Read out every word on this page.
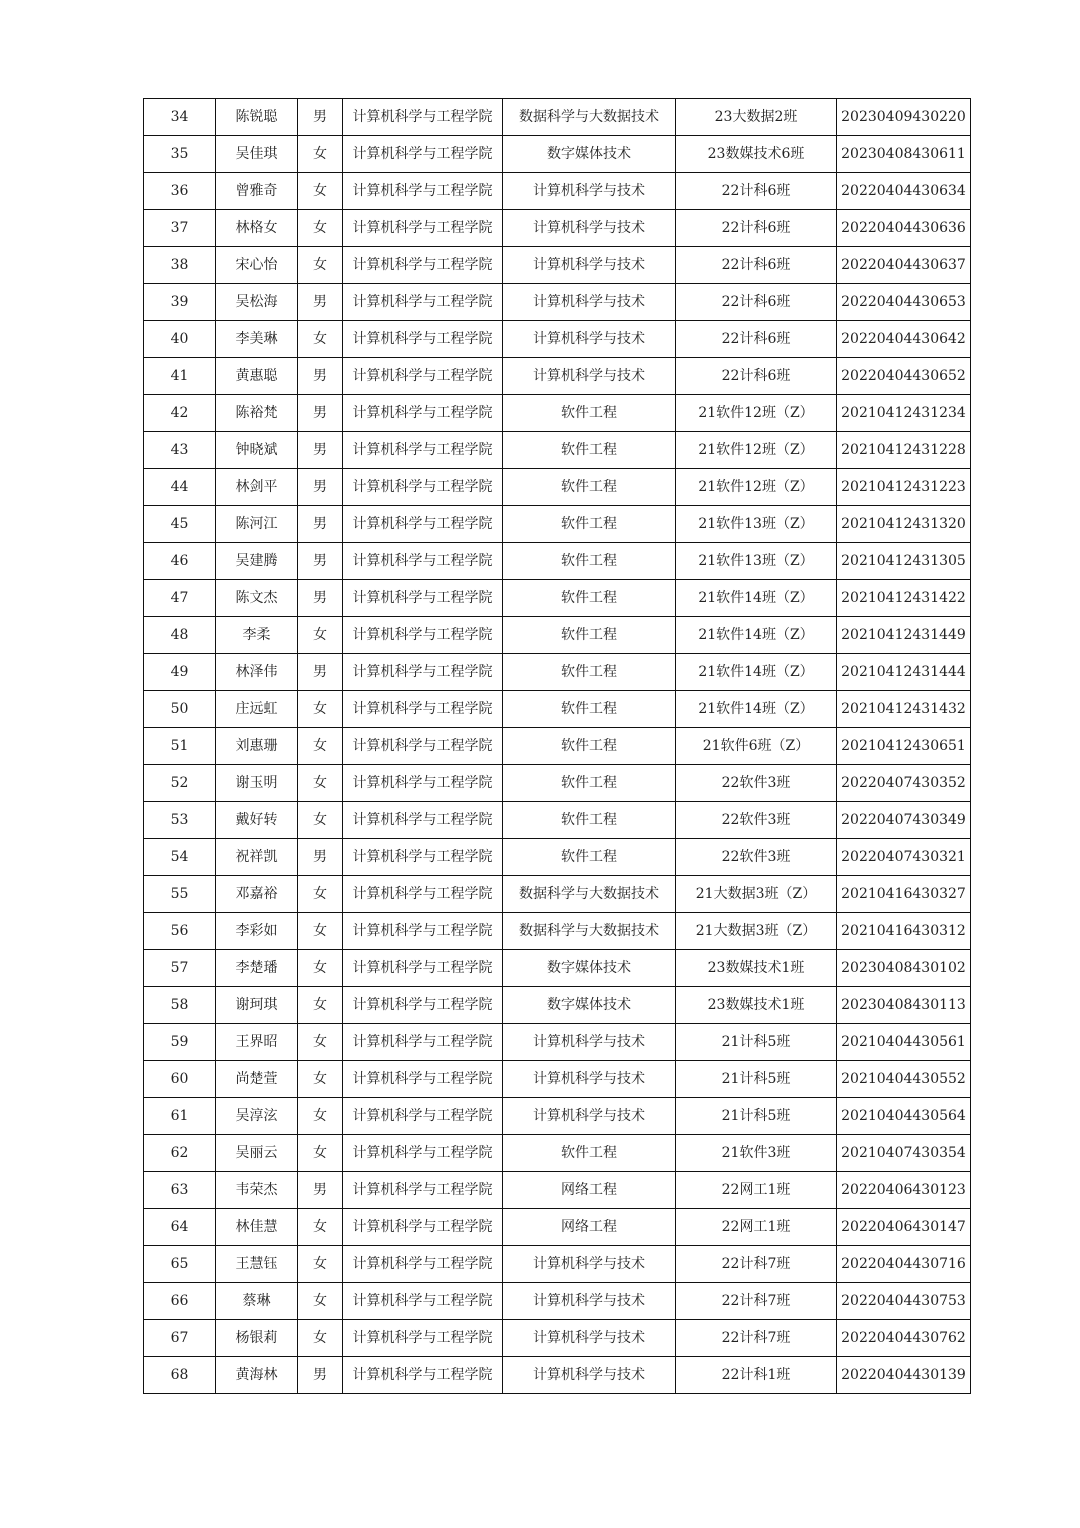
34	陈锐聪	男	计算机科学与工程学院	数据科学与大数据技术	23大数据2班	20230409430220
35	吴佳琪	女	计算机科学与工程学院	数字媒体技术	23数媒技术6班	20230408430611
36	曾雅奇	女	计算机科学与工程学院	计算机科学与技术	22计科6班	20220404430634
37	林格女	女	计算机科学与工程学院	计算机科学与技术	22计科6班	20220404430636
38	宋心怡	女	计算机科学与工程学院	计算机科学与技术	22计科6班	20220404430637
39	吴松海	男	计算机科学与工程学院	计算机科学与技术	22计科6班	20220404430653
40	李美琳	女	计算机科学与工程学院	计算机科学与技术	22计科6班	20220404430642
41	黄惠聪	男	计算机科学与工程学院	计算机科学与技术	22计科6班	20220404430652
42	陈裕梵	男	计算机科学与工程学院	软件工程	21软件12班（Z）	20210412431234
43	钟晓斌	男	计算机科学与工程学院	软件工程	21软件12班（Z）	20210412431228
44	林剑平	男	计算机科学与工程学院	软件工程	21软件12班（Z）	20210412431223
45	陈河江	男	计算机科学与工程学院	软件工程	21软件13班（Z）	20210412431320
46	吴建腾	男	计算机科学与工程学院	软件工程	21软件13班（Z）	20210412431305
47	陈文杰	男	计算机科学与工程学院	软件工程	21软件14班（Z）	20210412431422
48	李柔	女	计算机科学与工程学院	软件工程	21软件14班（Z）	20210412431449
49	林泽伟	男	计算机科学与工程学院	软件工程	21软件14班（Z）	20210412431444
50	庄远虹	女	计算机科学与工程学院	软件工程	21软件14班（Z）	20210412431432
51	刘惠珊	女	计算机科学与工程学院	软件工程	21软件6班（Z）	20210412430651
52	谢玉明	女	计算机科学与工程学院	软件工程	22软件3班	20220407430352
53	戴好转	女	计算机科学与工程学院	软件工程	22软件3班	20220407430349
54	祝祥凯	男	计算机科学与工程学院	软件工程	22软件3班	20220407430321
55	邓嘉裕	女	计算机科学与工程学院	数据科学与大数据技术	21大数据3班（Z）	20210416430327
56	李彩如	女	计算机科学与工程学院	数据科学与大数据技术	21大数据3班（Z）	20210416430312
57	李楚璠	女	计算机科学与工程学院	数字媒体技术	23数媒技术1班	20230408430102
58	谢珂琪	女	计算机科学与工程学院	数字媒体技术	23数媒技术1班	20230408430113
59	王界昭	女	计算机科学与工程学院	计算机科学与技术	21计科5班	20210404430561
60	尚楚萱	女	计算机科学与工程学院	计算机科学与技术	21计科5班	20210404430552
61	吴淳泫	女	计算机科学与工程学院	计算机科学与技术	21计科5班	20210404430564
62	吴丽云	女	计算机科学与工程学院	软件工程	21软件3班	20210407430354
63	韦荣杰	男	计算机科学与工程学院	网络工程	22网工1班	20220406430123
64	林佳慧	女	计算机科学与工程学院	网络工程	22网工1班	20220406430147
65	王慧钰	女	计算机科学与工程学院	计算机科学与技术	22计科7班	20220404430716
66	蔡琳	女	计算机科学与工程学院	计算机科学与技术	22计科7班	20220404430753
67	杨银莉	女	计算机科学与工程学院	计算机科学与技术	22计科7班	20220404430762
68	黄海林	男	计算机科学与工程学院	计算机科学与技术	22计科1班	20220404430139
